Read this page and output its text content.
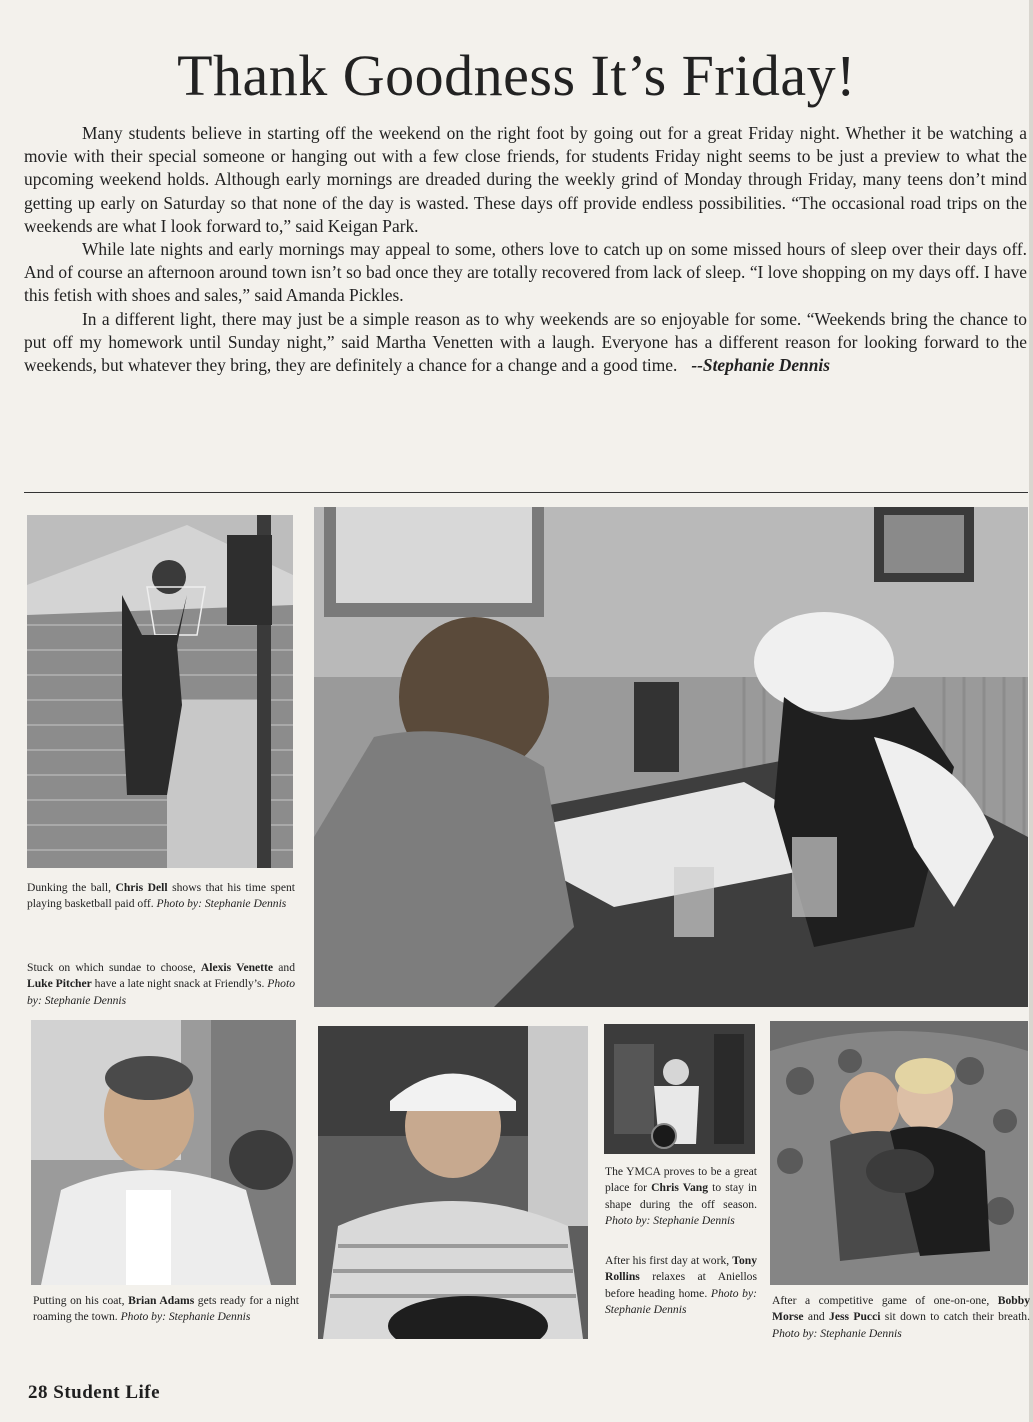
Thank Goodness It’s Friday!

Many students believe in starting off the weekend on the right foot by going out for a great Friday night. Whether it be watching a movie with their special someone or hanging out with a few close friends, for students Friday night seems to be just a preview to what the upcoming weekend holds. Although early mornings are dreaded during the weekly grind of Monday through Friday, many teens don’t mind getting up early on Saturday so that none of the day is wasted. These days off provide endless possibilities. “The occasional road trips on the weekends are what I look forward to,” said Keigan Park.

While late nights and early mornings may appeal to some, others love to catch up on some missed hours of sleep over their days off. And of course an afternoon around town isn’t so bad once they are totally recovered from lack of sleep. “I love shopping on my days off. I have this fetish with shoes and sales,” said Amanda Pickles.

In a different light, there may just be a simple reason as to why weekends are so enjoyable for some. “Weekends bring the chance to put off my homework until Sunday night,” said Martha Venetten with a laugh. Everyone has a different reason for looking forward to the weekends, but whatever they bring, they are definitely a chance for a change and a good time. --Stephanie Dennis

Dunking the ball, Chris Dell shows that his time spent playing basketball paid off. Photo by: Stephanie Dennis
Stuck on which sundae to choose, Alexis Venette and Luke Pitcher have a late night snack at Friendly’s. Photo by: Stephanie Dennis
Putting on his coat, Brian Adams gets ready for a night roaming the town. Photo by: Stephanie Dennis
The YMCA proves to be a great place for Chris Vang to stay in shape during the off season. Photo by: Stephanie Dennis
After his first day at work, Tony Rollins relaxes at Aniellos before heading home. Photo by: Stephanie Dennis
After a competitive game of one-on-one, Bobby Morse and Jess Pucci sit down to catch their breath. Photo by: Stephanie Dennis
28 Student Life
